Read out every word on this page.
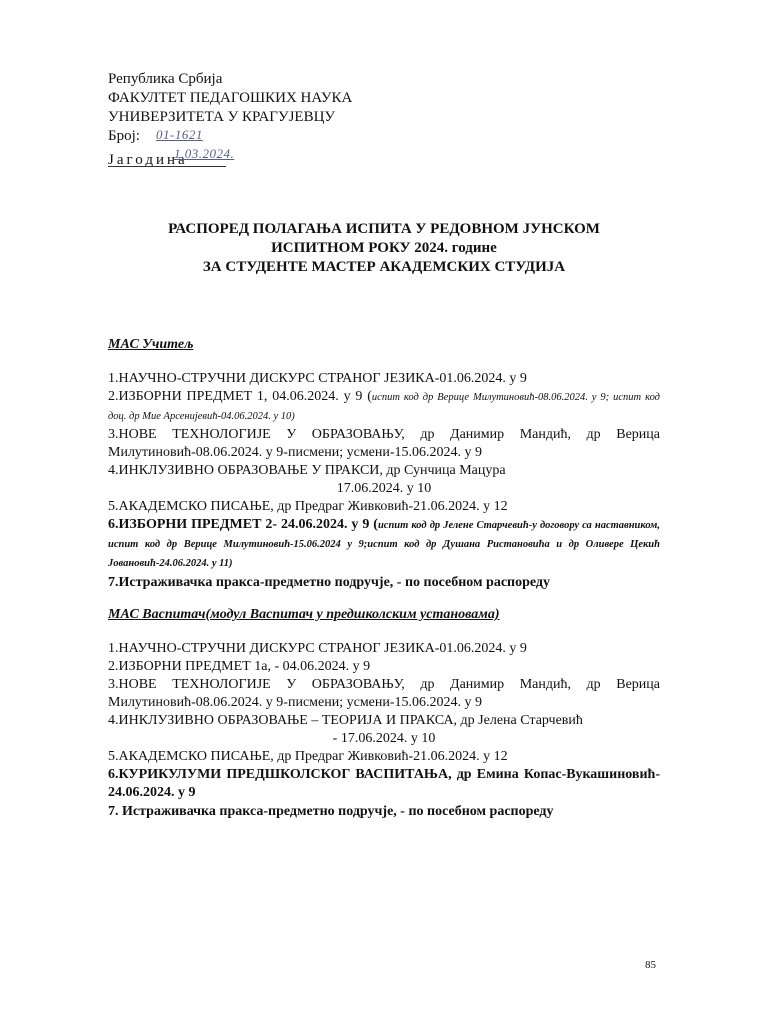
Република Србија
ФАКУЛТЕТ ПЕДАГОШКИХ НАУКА
УНИВЕРЗИТЕТА У КРАГУЈЕВЦУ
Број: 01-1621
1.03.2024.
Јагодина
РАСПОРЕД ПОЛАГАЊА ИСПИТА У РЕДОВНОМ ЈУНСКОМ
ИСПИТНОМ РОКУ 2024. године
ЗА СТУДЕНТЕ МАСТЕР АКАДЕМСКИХ СТУДИЈА
МАС Учитељ
1.НАУЧНО-СТРУЧНИ ДИСКУРС СТРАНОГ ЈЕЗИКА-01.06.2024. у 9
2.ИЗБОРНИ ПРЕДМЕТ 1, 04.06.2024. у 9 (испит код др Верице Милутиновић-08.06.2024. у 9; испит код доц. др Мие Арсенијевић-04.06.2024. у 10)
3.НОВЕ ТЕХНОЛОГИЈЕ У ОБРАЗОВАЊУ, др Данимир Мандић, др Верица Милутиновић-08.06.2024. у 9-писмени; усмени-15.06.2024. у 9
4.ИНКЛУЗИВНО ОБРАЗОВАЊЕ У ПРАКСИ, др Сунчица Мацура
17.06.2024. у 10
5.АКАДЕМСКО ПИСАЊЕ, др Предраг Живковић-21.06.2024. у 12
6.ИЗБОРНИ ПРЕДМЕТ 2- 24.06.2024. у 9 (испит код др Јелене Старчевић-у договору са наставником, испит код др Верице Милутиновић-15.06.2024 у 9;испит код др Душана Ристановића и др Оливере Цекић Јовановић-24.06.2024. у 11)
7.Истраживачка пракса-предметно подручје, - по посебном распореду
МАС Васпитач(модул Васпитач у предшколским установама)
1.НАУЧНО-СТРУЧНИ ДИСКУРС СТРАНОГ ЈЕЗИКА-01.06.2024. у 9
2.ИЗБОРНИ ПРЕДМЕТ 1а, - 04.06.2024. у 9
3.НОВЕ ТЕХНОЛОГИЈЕ У ОБРАЗОВАЊУ, др Данимир Мандић, др Верица Милутиновић-08.06.2024. у 9-писмени; усмени-15.06.2024. у 9
4.ИНКЛУЗИВНО ОБРАЗОВАЊЕ – ТЕОРИЈА И ПРАКСА, др Јелена Старчевић
- 17.06.2024. у 10
5.АКАДЕМСКО ПИСАЊЕ, др Предраг Живковић-21.06.2024. у 12
6.КУРИКУЛУМИ ПРЕДШКОЛСКОГ ВАСПИТАЊА, др Емина Копас-Вукашиновић- 24.06.2024. у 9
7. Истраживачка пракса-предметно подручје, - по посебном распореду
85
